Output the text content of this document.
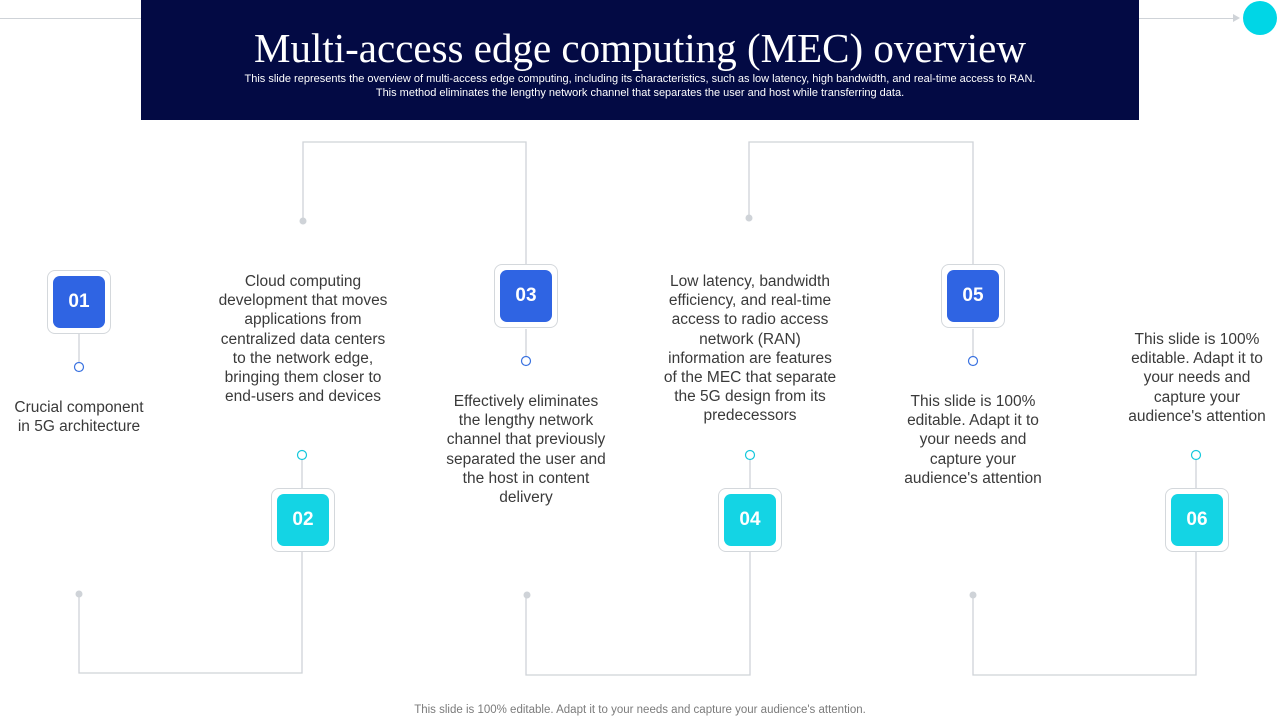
Multi-access edge computing (MEC) overview
This slide represents the overview of multi-access edge computing, including its characteristics, such as low latency, high bandwidth, and real-time access to RAN. This method eliminates the lengthy network channel that separates the user and host while transferring data.
01
02
03
04
05
06
Crucial component in 5G architecture
Cloud computing development that moves applications from centralized data centers to the network edge, bringing them closer to end-users and devices	Effectively eliminates the lengthy network channel that previously separated the user and the host in content delivery
Low latency, bandwidth efficiency, and real-time access to radio access network (RAN) information are features of the MEC that separate the 5G design from its predecessors
This slide is 100% editable. Adapt it to your needs and capture your audience's attention
This slide is 100% editable. Adapt it to your needs and capture your audience's attention
This slide is 100% editable. Adapt it to your needs and capture your audience's attention.
